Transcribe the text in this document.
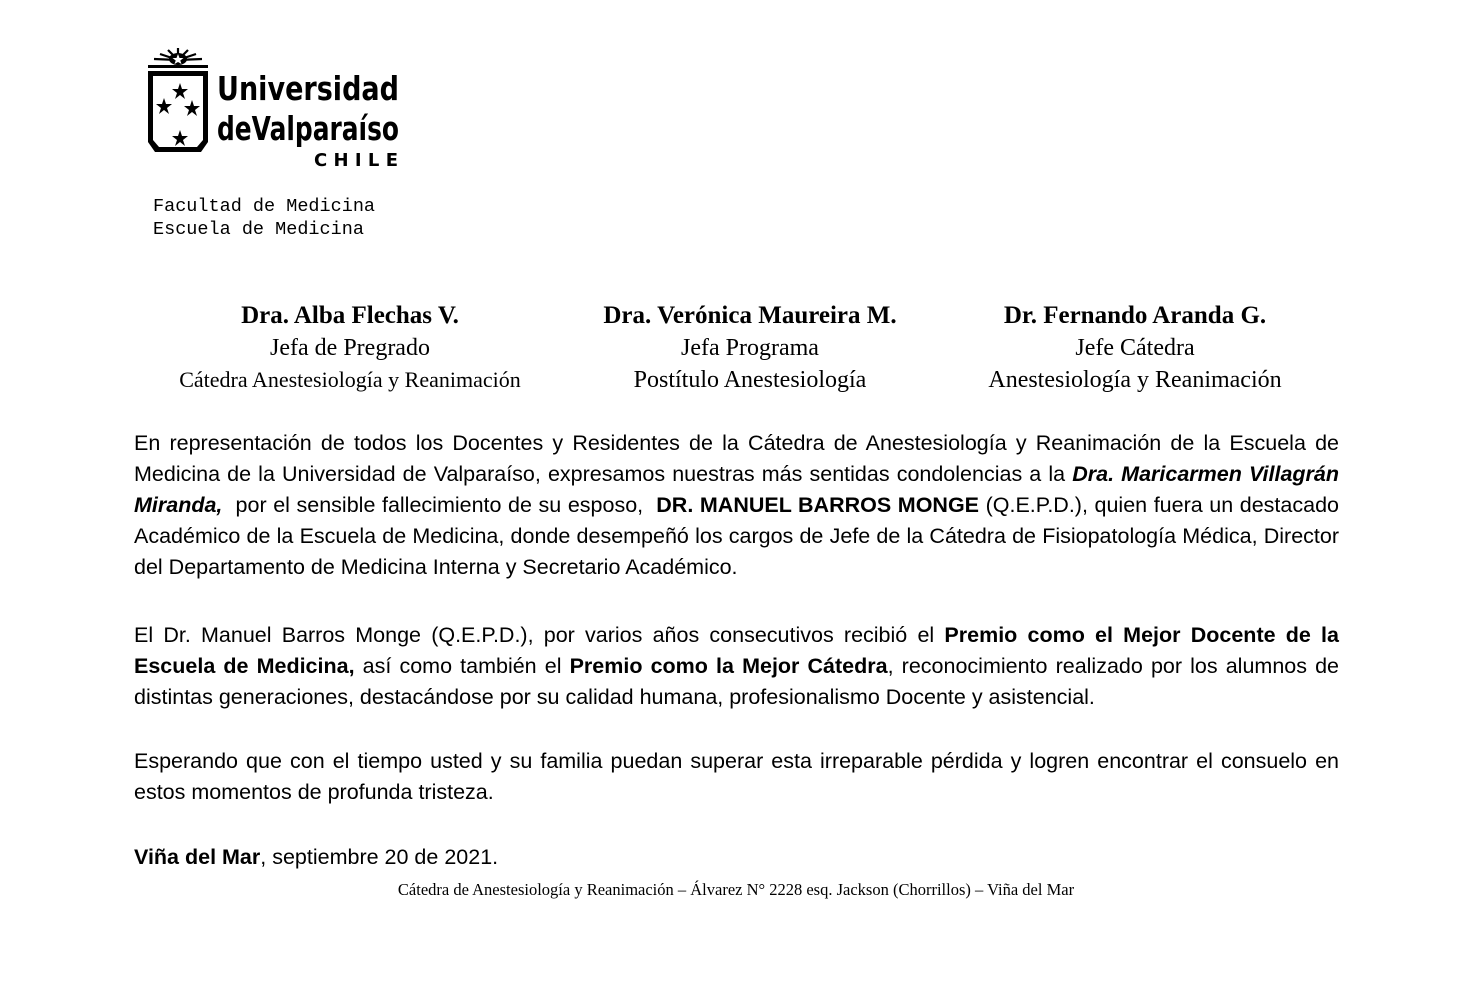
Universidad
deValparaíso
CHILE
Facultad de Medicina
Escuela de Medicina
Dra. Alba Flechas V.
Jefa de Pregrado
Cátedra Anestesiología y Reanimación
Dra. Verónica Maureira M.
Jefa Programa
Postítulo Anestesiología
Dr. Fernando Aranda G.
Jefe Cátedra
Anestesiología y Reanimación

En representación de todos los Docentes y Residentes de la Cátedra de Anestesiología y Reanimación de la Escuela de Medicina de la Universidad de Valparaíso, expresamos nuestras más sentidas condolencias a la Dra. Maricarmen Villagrán Miranda,  por el sensible fallecimiento de su esposo,  DR. MANUEL BARROS MONGE (Q.E.P.D.), quien fuera un destacado Académico de la Escuela de Medicina, donde desempeñó los cargos de Jefe de la Cátedra de Fisiopatología Médica, Director del Departamento de Medicina Interna y Secretario Académico.

El Dr. Manuel Barros Monge (Q.E.P.D.), por varios años consecutivos recibió el Premio como el Mejor Docente de la Escuela de Medicina, así como también el Premio como la Mejor Cátedra, reconocimiento realizado por los alumnos de distintas generaciones, destacándose por su calidad humana, profesionalismo Docente y asistencial.

Esperando que con el tiempo usted y su familia puedan superar esta irreparable pérdida y logren encontrar el consuelo en estos momentos de profunda tristeza.

Viña del Mar, septiembre 20 de 2021.

Cátedra de Anestesiología y Reanimación – Álvarez N° 2228 esq. Jackson (Chorrillos) – Viña del Mar
